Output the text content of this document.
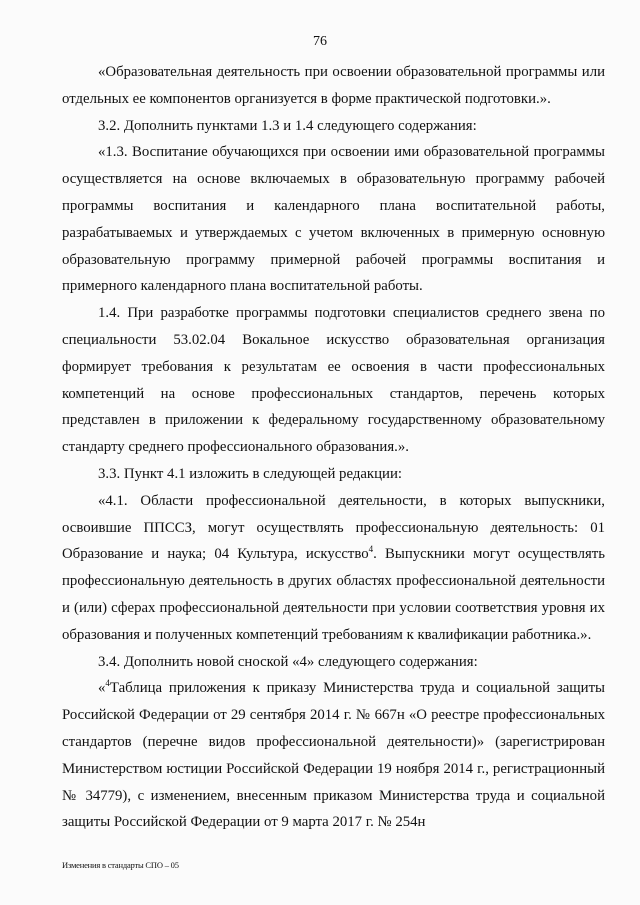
76

«Образовательная деятельность при освоении образовательной программы или отдельных ее компонентов организуется в форме практической подготовки.».

3.2. Дополнить пунктами 1.3 и 1.4 следующего содержания:

«1.3. Воспитание обучающихся при освоении ими образовательной программы осуществляется на основе включаемых в образовательную программу рабочей программы воспитания и календарного плана воспитательной работы, разрабатываемых и утверждаемых с учетом включенных в примерную основную образовательную программу примерной рабочей программы воспитания и примерного календарного плана воспитательной работы.

1.4. При разработке программы подготовки специалистов среднего звена по специальности 53.02.04 Вокальное искусство образовательная организация формирует требования к результатам ее освоения в части профессиональных компетенций на основе профессиональных стандартов, перечень которых представлен в приложении к федеральному государственному образовательному стандарту среднего профессионального образования.».

3.3. Пункт 4.1 изложить в следующей редакции:

«4.1. Области профессиональной деятельности, в которых выпускники, освоившие ППССЗ, могут осуществлять профессиональную деятельность: 01 Образование и наука; 04 Культура, искусство$^4$. Выпускники могут осуществлять профессиональную деятельность в других областях профессиональной деятельности и (или) сферах профессиональной деятельности при условии соответствия уровня их образования и полученных компетенций требованиям к квалификации работника.».

3.4. Дополнить новой сноской «4» следующего содержания:

«$^4$Таблица приложения к приказу Министерства труда и социальной защиты Российской Федерации от 29 сентября 2014 г. № 667н «О реестре профессиональных стандартов (перечне видов профессиональной деятельности)» (зарегистрирован Министерством юстиции Российской Федерации 19 ноября 2014 г., регистрационный № 34779), с изменением, внесенным приказом Министерства труда и социальной защиты Российской Федерации от 9 марта 2017 г. № 254н

Изменения в стандарты СПО – 05
